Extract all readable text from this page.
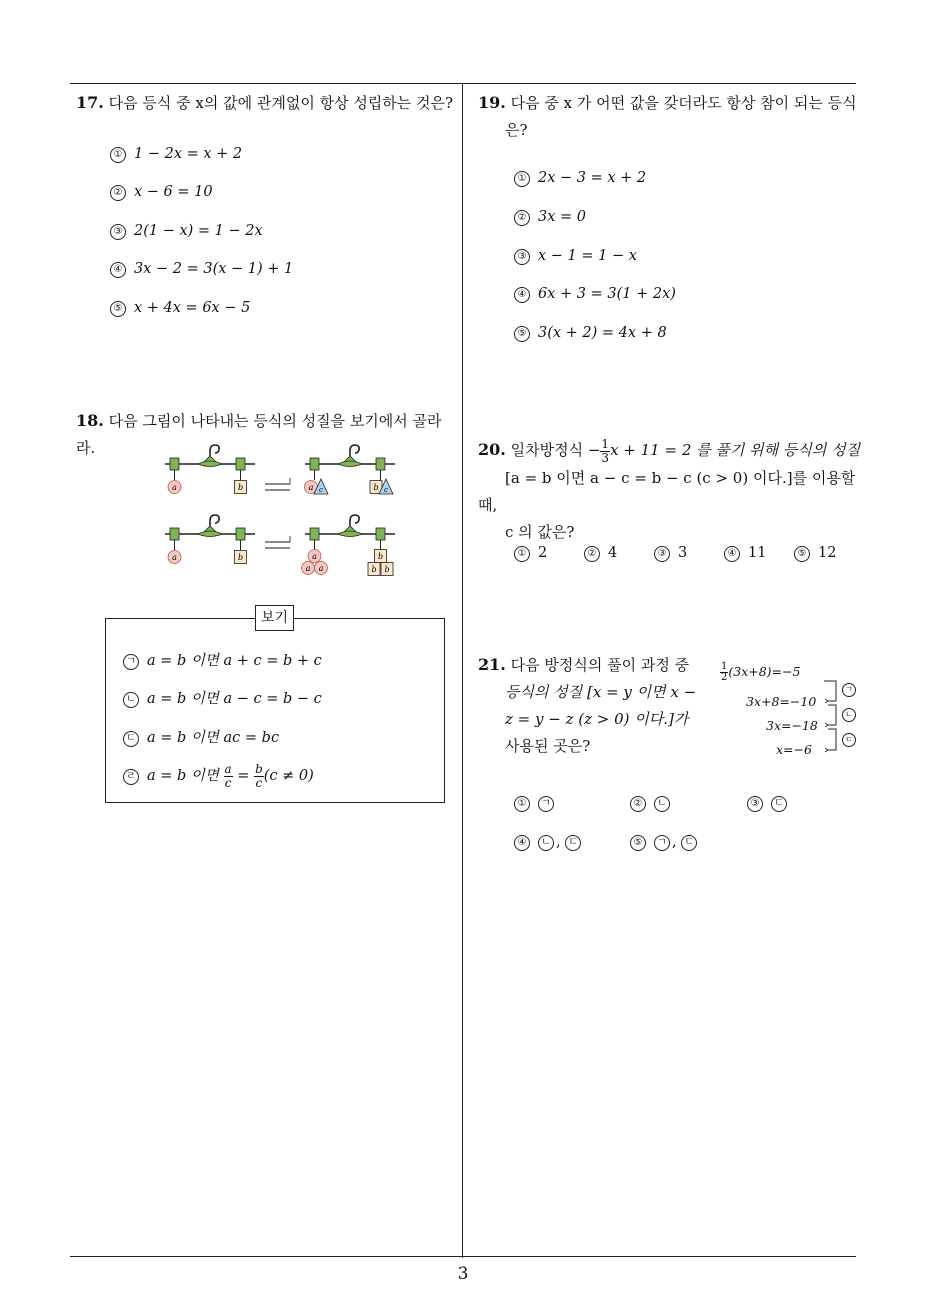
17. 다음 등식 중 x의 값에 관계없이 항상 성립하는 것은?
① 1 − 2x = x + 2
② x − 6 = 10
③ 2(1 − x) = 1 − 2x
④ 3x − 2 = 3(x − 1) + 1
⑤ x + 4x = 6x − 5
18. 다음 그림이 나타내는 등식의 성질을 보기에서 골라라.
a	b	a c	b c
a	b	a
a a
b
b b
보기
ㄱ a = b 이면 a + c = b + c
ㄴ a = b 이면 a − c = b − c
ㄷ a = b 이면 ac = bc
ㄹ a = b 이면 $\frac{a}{c} = \frac{b}{c} (c \ne 0)$
19. 다음 중 x 가 어떤 값을 갖더라도 항상 참이 되는 등식
은?
① 2x − 3 = x + 2
② 3x = 0
③ x − 1 = 1 − x
④ 6x + 3 = 3(1 + 2x)
⑤ 3(x + 2) = 4x + 8
20. 일차방정식 − $\frac{1}{3}$ x + 11 = 2 를 풀기 위해 등식의 성질
[a = b 이면 a − c = b − c (c > 0) 이다.]를 이용할 때,
c 의 값은?
① 2	② 4	③ 3	④ 11	⑤ 12
21. 다음 방정식의 풀이 과정 중
등식의 성질 [x = y 이면 x −
z = y − z (z > 0) 이다.]가
사용된 곳은?
$\frac{1}{2} (3x+8)=-5$
3x+8=−10
3x=−18
x=−6
ㄱ
ㄴ
ㄷ
① ㄱ	② ㄴ	③ ㄷ
④ ㄴ , ㄷ	⑤ ㄱ , ㄷ
3
